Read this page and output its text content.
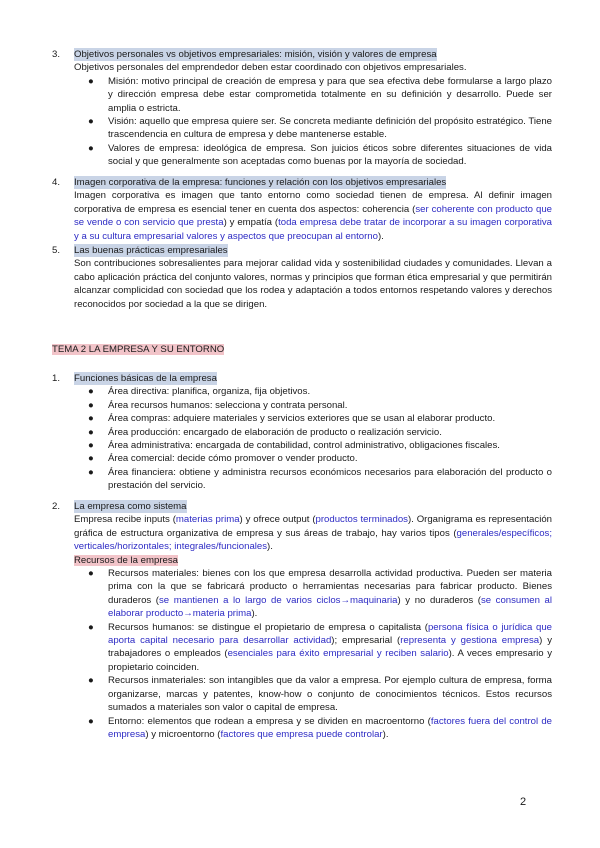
3.	Objetivos personales vs objetivos empresariales: misión, visión y valores de empresa
Objetivos personales del emprendedor deben estar coordinado con objetivos empresariales.
● Misión: motivo principal de creación de empresa y para que sea efectiva debe formularse a largo plazo y dirección empresa debe estar comprometida totalmente en su definición y desarrollo. Puede ser amplia o estricta.
● Visión: aquello que empresa quiere ser. Se concreta mediante definición del propósito estratégico. Tiene trascendencia en cultura de empresa y debe mantenerse estable.
● Valores de empresa: ideológica de empresa. Son juicios éticos sobre diferentes situaciones de vida social y que generalmente son aceptadas como buenas por la mayoría de sociedad.
4.	Imagen corporativa de la empresa: funciones y relación con los objetivos empresariales
Imagen corporativa es imagen que tanto entorno como sociedad tienen de empresa. Al definir imagen corporativa de empresa es esencial tener en cuenta dos aspectos: coherencia (ser coherente con producto que se vende o con servicio que presta) y empatía (toda empresa debe tratar de incorporar a su imagen corporativa y a su cultura empresarial valores y aspectos que preocupan al entorno).
5.	Las buenas prácticas empresariales
Son contribuciones sobresalientes para mejorar calidad vida y sostenibilidad ciudades y comunidades. Llevan a cabo aplicación práctica del conjunto valores, normas y principios que forman ética empresarial y que permitirán alcanzar complicidad con sociedad que los rodea y adaptación a todos entornos respetando valores y derechos reconocidos por sociedad a la que se dirigen.
TEMA 2 LA EMPRESA Y SU ENTORNO
1.	Funciones básicas de la empresa
● Área directiva: planifica, organiza, fija objetivos.
● Área recursos humanos: selecciona y contrata personal.
● Área compras: adquiere materiales y servicios exteriores que se usan al elaborar producto.
● Área producción: encargado de elaboración de producto o realización servicio.
● Área administrativa: encargada de contabilidad, control administrativo, obligaciones fiscales.
● Área comercial: decide cómo promover o vender producto.
● Área financiera: obtiene y administra recursos económicos necesarios para elaboración del producto o prestación del servicio.
2.	La empresa como sistema
Empresa recibe inputs (materias prima) y ofrece output (productos terminados). Organigrama es representación gráfica de estructura organizativa de empresa y sus áreas de trabajo, hay varios tipos (generales/específicos; verticales/horizontales; integrales/funcionales).
Recursos de la empresa
● Recursos materiales: bienes con los que empresa desarrolla actividad productiva. Pueden ser materia prima con la que se fabricará producto o herramientas necesarias para fabricar producto. Bienes duraderos (se mantienen a lo largo de varios ciclos→maquinaria) y no duraderos (se consumen al elaborar producto→materia prima).
● Recursos humanos: se distingue el propietario de empresa o capitalista (persona física o jurídica que aporta capital necesario para desarrollar actividad); empresarial (representa y gestiona empresa) y trabajadores o empleados (esenciales para éxito empresarial y reciben salario). A veces empresario y propietario coinciden.
● Recursos inmateriales: son intangibles que da valor a empresa. Por ejemplo cultura de empresa, forma organizarse, marcas y patentes, know-how o conjunto de conocimientos técnicos. Estos recursos sumados a materiales son valor o capital de empresa.
● Entorno: elementos que rodean a empresa y se dividen en macroentorno (factores fuera del control de empresa) y microentorno (factores que empresa puede controlar).
2
